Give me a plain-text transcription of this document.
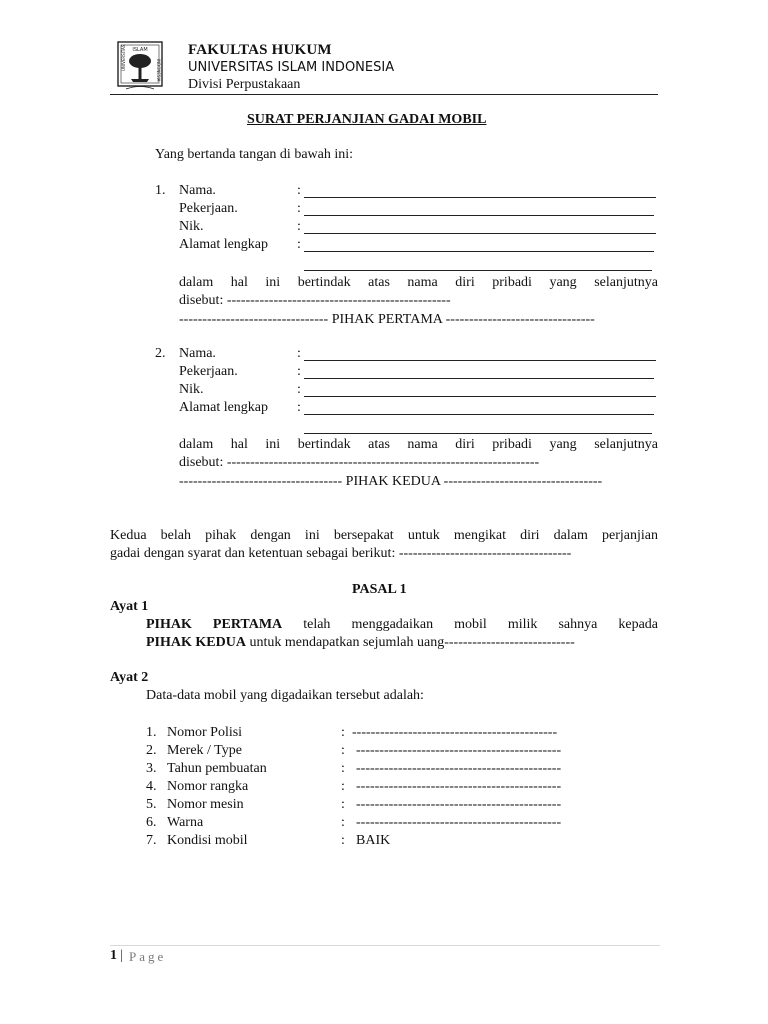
ISLAM
UNIVERSITAS	INDONESIA
FAKULTAS HUKUM
UNIVERSITAS ISLAM INDONESIA
Divisi Perpustakaan
SURAT PERJANJIAN GADAI MOBIL
Yang bertanda tangan di bawah ini:
1. Nama.	:
Pekerjaan.	:
Nik.	:
Alamat lengkap :
dalam hal ini bertindak atas nama diri pribadi yang selanjutnya
disebut: ------------------------------------------------
-------------------------------- PIHAK PERTAMA --------------------------------
2. Nama.	:
Pekerjaan.	:
Nik.	:
Alamat lengkap :
dalam hal ini bertindak atas nama diri pribadi yang selanjutnya
disebut: -------------------------------------------------------------------
----------------------------------- PIHAK KEDUA ----------------------------------
Kedua belah pihak dengan ini bersepakat untuk mengikat diri dalam perjanjian
gadai dengan syarat dan ketentuan sebagai berikut: -------------------------------------
PASAL 1
Ayat 1
PIHAK PERTAMA telah menggadaikan mobil milik sahnya kepada
PIHAK KEDUA untuk mendapatkan sejumlah uang----------------------------
Ayat 2
Data-data mobil yang digadaikan tersebut adalah:
1. Nomor Polisi	: --------------------------------------------
2. Merek / Type	: --------------------------------------------
3. Tahun pembuatan	: --------------------------------------------
4. Nomor rangka	: --------------------------------------------
5. Nomor mesin	: --------------------------------------------
6. Warna	: --------------------------------------------
7. Kondisi mobil	: BAIK
1 | Page
